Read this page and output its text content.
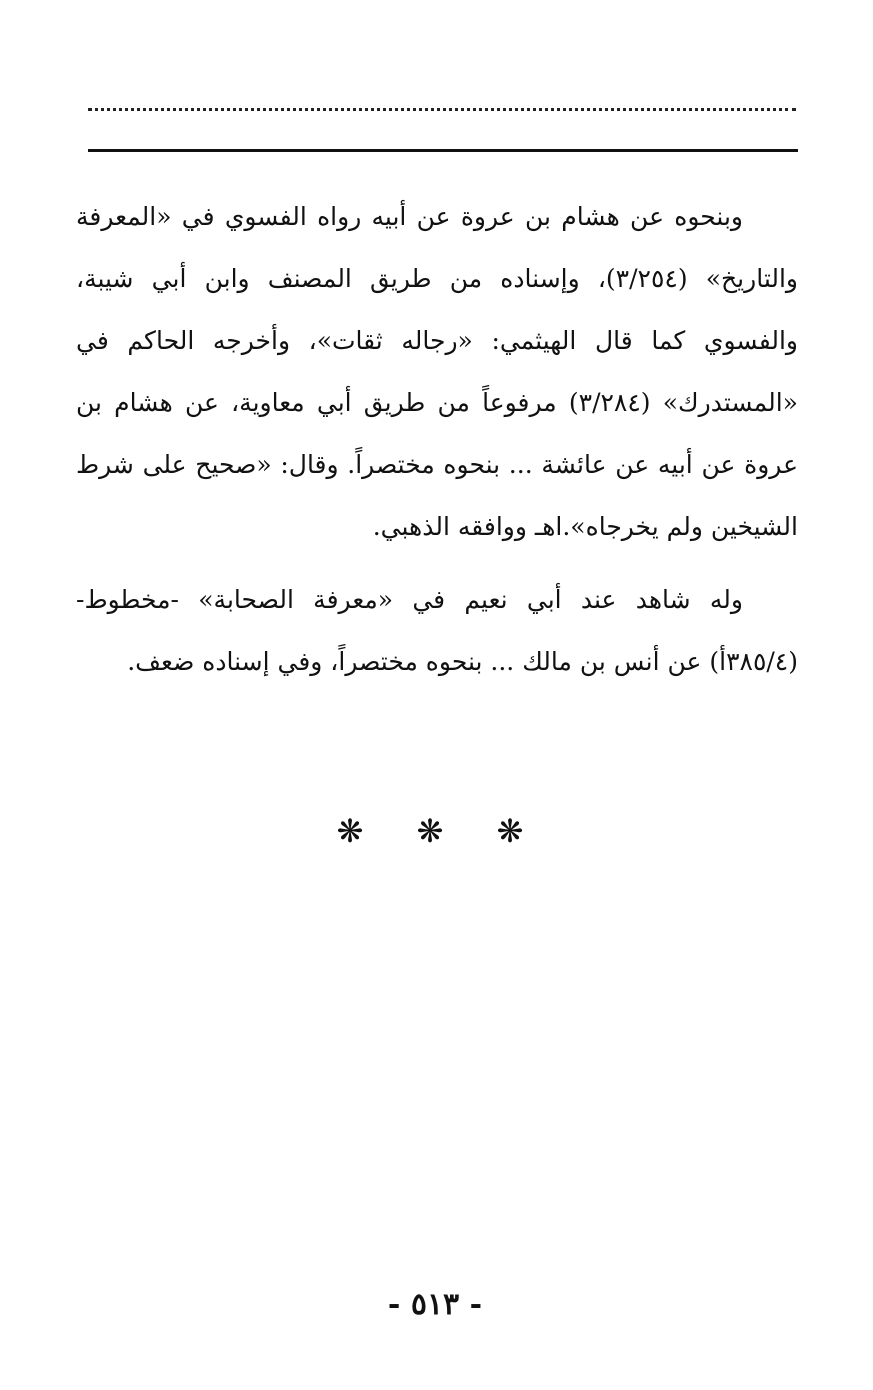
وبنحوه عن هشام بن عروة عن أبيه رواه الفسوي في «المعرفة والتاريخ» (٣/٢٥٤)، وإسناده من طريق المصنف وابن أبي شيبة، والفسوي كما قال الهيثمي: «رجاله ثقات»، وأخرجه الحاكم في «المستدرك» (٣/٢٨٤) مرفوعاً من طريق أبي معاوية، عن هشام بن عروة عن أبيه عن عائشة ... بنحوه مختصراً. وقال: «صحيح على شرط الشيخين ولم يخرجاه».اهـ ووافقه الذهبي.

وله شاهد عند أبي نعيم في «معرفة الصحابة» -مخطوط- (٣٨٥/٤أ) عن أنس بن مالك ... بنحوه مختصراً، وفي إسناده ضعف.

❋ ❋ ❋
- ٥١٣ -
